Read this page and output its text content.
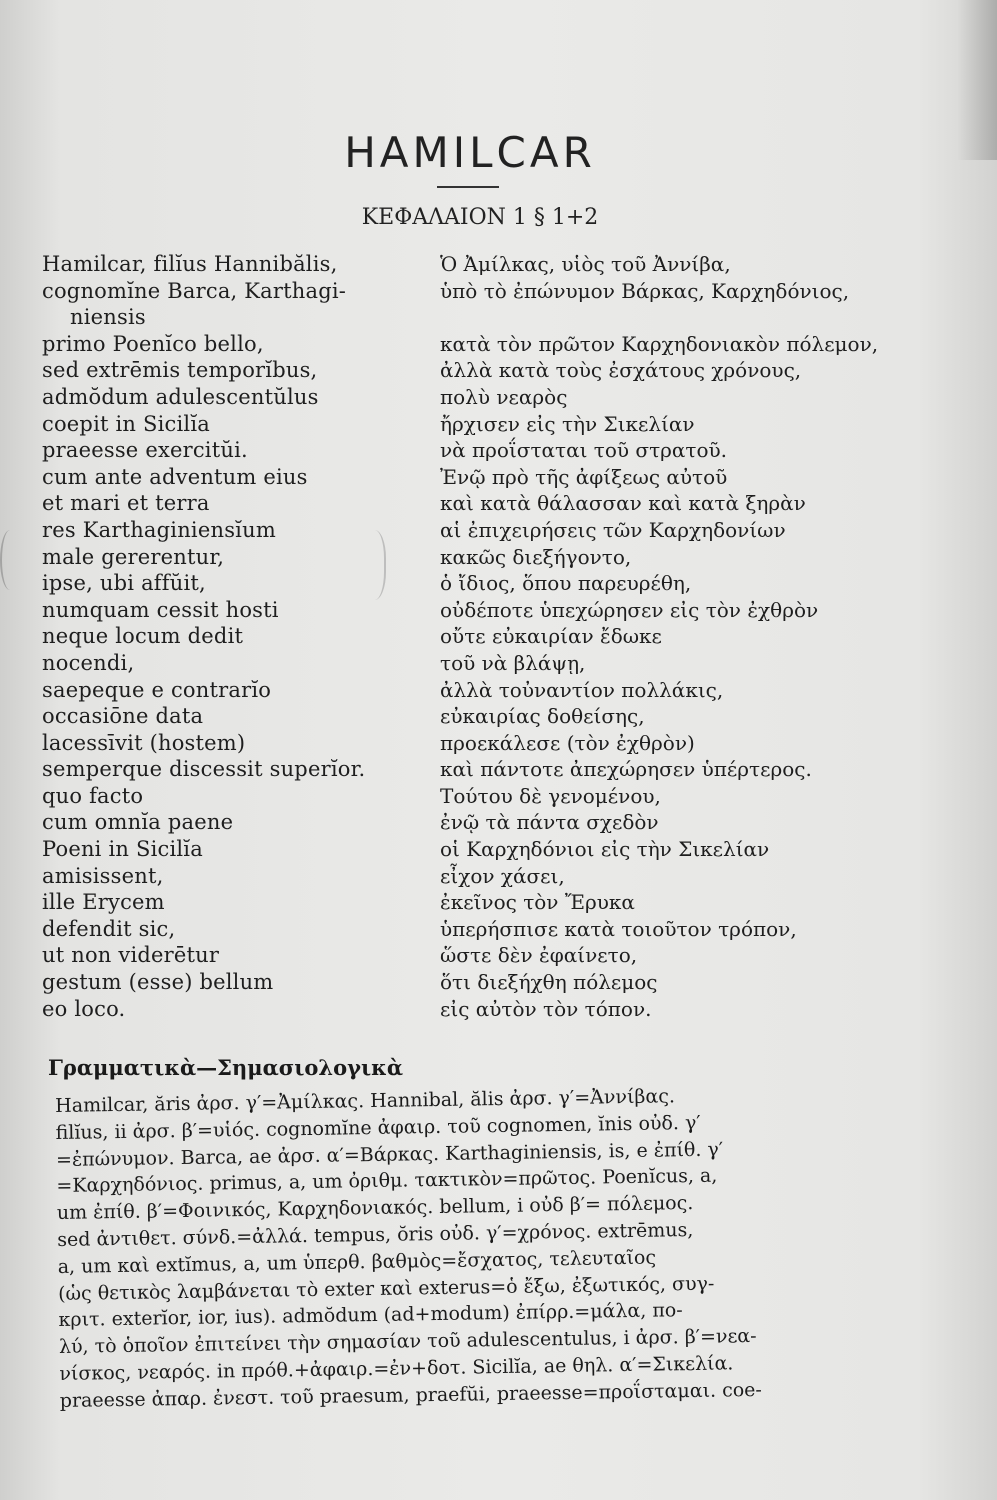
HAMILCAR
ΚΕΦΑΛΑΙΟΝ 1 § 1+2
Hamilcar, filĭus Hannibălis,
cognomĭne Barca, Karthagi-
niensis
primo Poenĭco bello,
sed extrēmis temporĭbus,
admŏdum adulescentŭlus
coepit in Sicilĭa
praeesse exercitŭi.
cum ante adventum eius
et mari et terra
res Karthaginiensĭum
male gererentur,
ipse, ubi affŭit,
numquam cessit hosti
neque locum dedit
nocendi,
saepeque e contrarĭo
occasiōne data
lacessīvit (hostem)
semperque discessit superĭor.
quo facto
cum omnĭa paene
Poeni in Sicilĭa
amisissent,
ille Erycem
defendit sic,
ut non viderētur
gestum (esse) bellum
eo loco.
Ὁ Ἀμίλκας, υἱὸς τοῦ Ἀννίβα,
ὑπὸ τὸ ἐπώνυμον Βάρκας, Καρχηδόνιος,

κατὰ τὸν πρῶτον Καρχηδονιακὸν πόλεμον,
ἀλλὰ κατὰ τοὺς ἐσχάτους χρόνους,
πολὺ νεαρὸς
ἤρχισεν εἰς τὴν Σικελίαν
νὰ προΐσταται τοῦ στρατοῦ.
Ἐνῷ πρὸ τῆς ἀφίξεως αὐτοῦ
καὶ κατὰ θάλασσαν καὶ κατὰ ξηρὰν
αἱ ἐπιχειρήσεις τῶν Καρχηδονίων
κακῶς διεξήγοντο,
ὁ ἴδιος, ὅπου παρευρέθη,
οὐδέποτε ὑπεχώρησεν εἰς τὸν ἐχθρὸν
οὔτε εὐκαιρίαν ἔδωκε
τοῦ νὰ βλάψῃ,
ἀλλὰ τοὐναντίον πολλάκις,
εὐκαιρίας δοθείσης,
προεκάλεσε (τὸν ἐχθρὸν)
καὶ πάντοτε ἀπεχώρησεν ὑπέρτερος.
Τούτου δὲ γενομένου,
ἐνῷ τὰ πάντα σχεδὸν
οἱ Καρχηδόνιοι εἰς τὴν Σικελίαν
εἶχον χάσει,
ἐκεῖνος τὸν Ἔρυκα
ὑπερήσπισε κατὰ τοιοῦτον τρόπον,
ὥστε δὲν ἐφαίνετο,
ὅτι διεξήχθη πόλεμος
εἰς αὐτὸν τὸν τόπον.
Γραμματικὰ—Σημασιολογικὰ
Hamilcar, ăris ἀρσ. γ′=Ἀμίλκας. Hannibal, ălis ἀρσ. γ′=Ἀννίβας.
filĭus, ii ἀρσ. β′=υἱός. cognomĭne ἀφαιρ. τοῦ cognomen, ĭnis οὐδ. γ′
=ἐπώνυμον. Barca, ae ἀρσ. α′=Βάρκας. Karthaginiensis, is, e ἐπίθ. γ′
=Καρχηδόνιος. primus, a, um ὀριθμ. τακτικὸν=πρῶτος. Poenĭcus, a,
um ἐπίθ. β′=Φοινικός, Καρχηδονιακός. bellum, i οὐδ β′= πόλεμος.
sed ἀντιθετ. σύνδ.=ἀλλά. tempus, ŏris οὐδ. γ′=χρόνος. extrēmus,
a, um καὶ extĭmus, a, um ὑπερθ. βαθμὸς=ἔσχατος, τελευταῖος
(ὡς θετικὸς λαμβάνεται τὸ exter καὶ exterus=ὁ ἔξω, ἐξωτικός, συγ-
κριτ. exterĭor, ior, ius). admŏdum (ad+modum) ἐπίρρ.=μάλα, πο-
λύ, τὸ ὁποῖον ἐπιτείνει τὴν σημασίαν τοῦ adulescentulus, i ἀρσ. β′=νεα-
νίσκος, νεαρός. in πρόθ.+ἀφαιρ.=ἐν+δοτ. Sicilĭa, ae θηλ. α′=Σικελία.
praeesse ἀπαρ. ἐνεστ. τοῦ praesum, praefŭi, praeesse=προΐσταμαι. coe-
